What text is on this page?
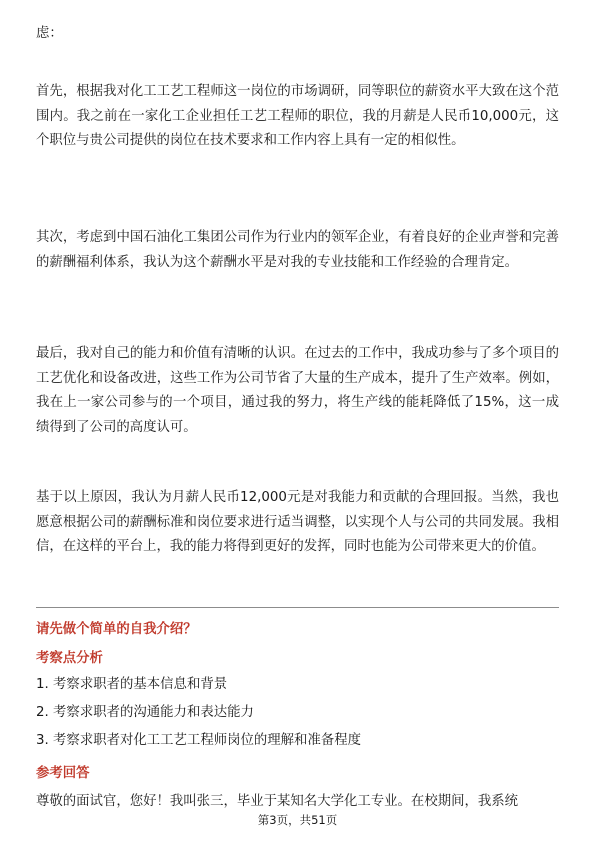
虑：

首先，根据我对化工工艺工程师这一岗位的市场调研，同等职位的薪资水平大致在这个范围内。我之前在一家化工企业担任工艺工程师的职位，我的月薪是人民币10,000元，这个职位与贵公司提供的岗位在技术要求和工作内容上具有一定的相似性。

其次，考虑到中国石油化工集团公司作为行业内的领军企业，有着良好的企业声誉和完善的薪酬福利体系，我认为这个薪酬水平是对我的专业技能和工作经验的合理肯定。

最后，我对自己的能力和价值有清晰的认识。在过去的工作中，我成功参与了多个项目的工艺优化和设备改进，这些工作为公司节省了大量的生产成本，提升了生产效率。例如，我在上一家公司参与的一个项目，通过我的努力，将生产线的能耗降低了15%，这一成绩得到了公司的高度认可。

基于以上原因，我认为月薪人民币12,000元是对我能力和贡献的合理回报。当然，我也愿意根据公司的薪酬标准和岗位要求进行适当调整，以实现个人与公司的共同发展。我相信，在这样的平台上，我的能力将得到更好的发挥，同时也能为公司带来更大的价值。

请先做个简单的自我介绍？
考察点分析
1. 考察求职者的基本信息和背景
2. 考察求职者的沟通能力和表达能力
3. 考察求职者对化工工艺工程师岗位的理解和准备程度
参考回答
尊敬的面试官，您好！我叫张三，毕业于某知名大学化工专业。在校期间，我系统
第3页，共51页
